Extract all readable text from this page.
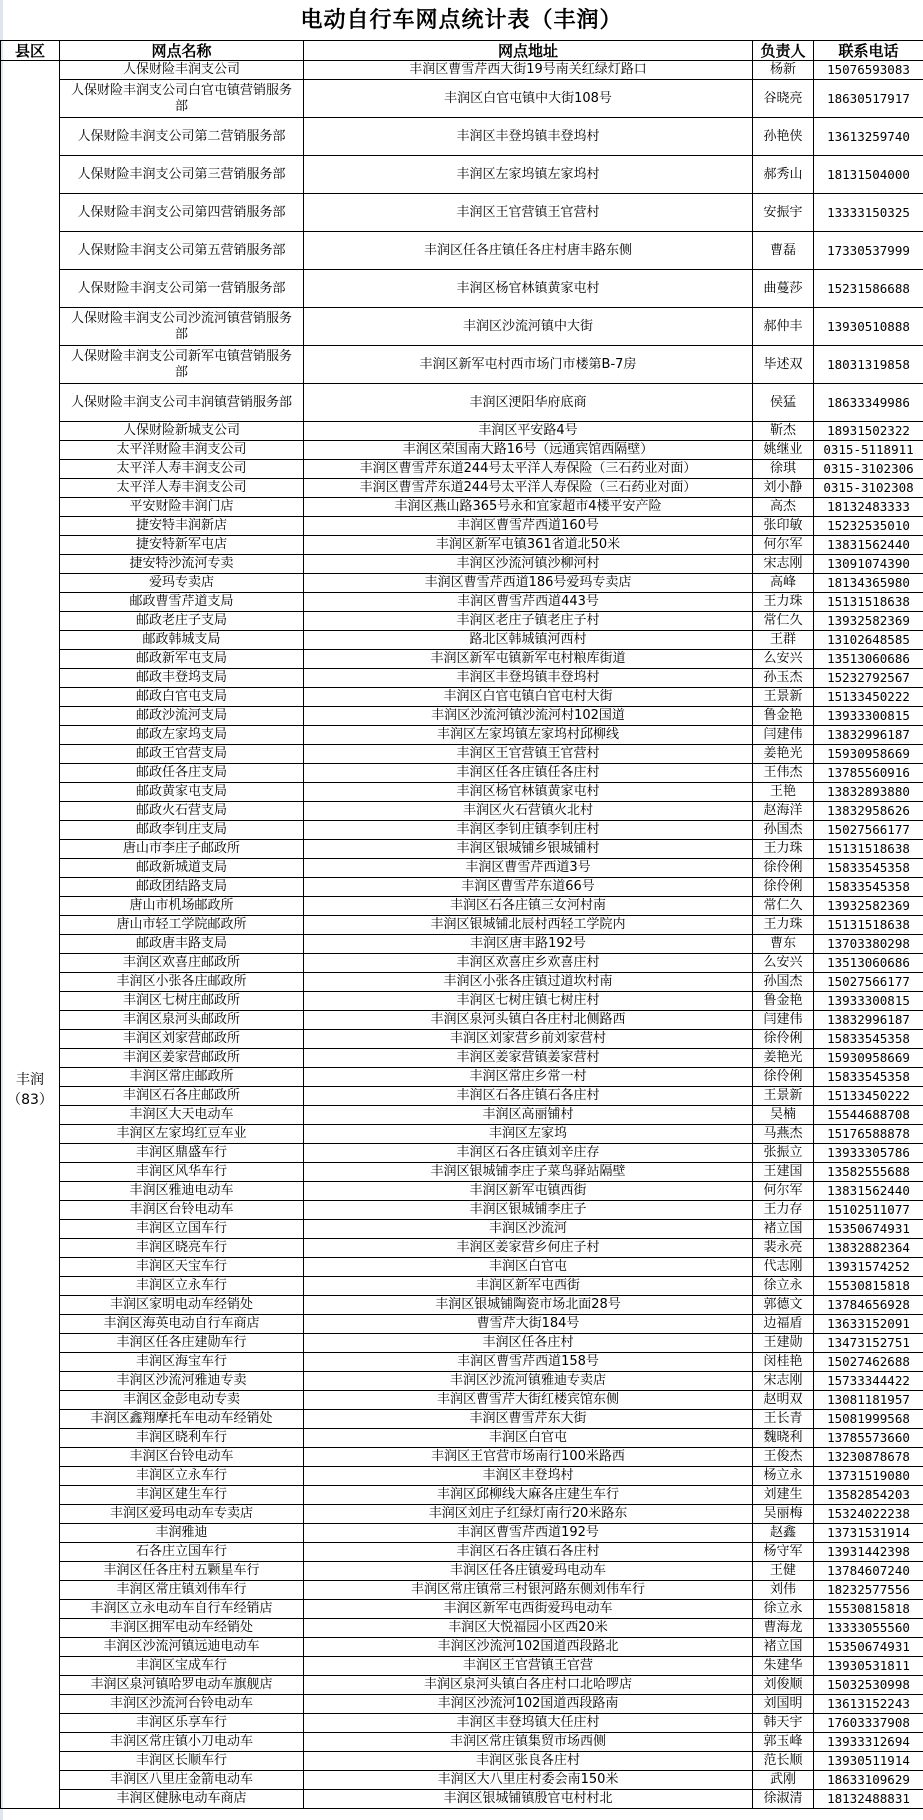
电动自行车网点统计表（丰润）
县区	网点名称	网点地址	负责人	联系电话

丰润
（83）	人保财险丰润支公司	丰润区曹雪芹西大街19号南关红绿灯路口	杨新	15076593083
	人保财险丰润支公司白官屯镇营销服务部	丰润区白官屯镇中大街108号	谷晓亮	18630517917
	人保财险丰润支公司第二营销服务部	丰润区丰登坞镇丰登坞村	孙艳侠	13613259740
	人保财险丰润支公司第三营销服务部	丰润区左家坞镇左家坞村	郝秀山	18131504000
	人保财险丰润支公司第四营销服务部	丰润区王官营镇王官营村	安振宇	13333150325
	人保财险丰润支公司第五营销服务部	丰润区任各庄镇任各庄村唐丰路东侧	曹磊	17330537999
	人保财险丰润支公司第一营销服务部	丰润区杨官林镇黄家屯村	曲蔓莎	15231586688
	人保财险丰润支公司沙流河镇营销服务部	丰润区沙流河镇中大街	郝仲丰	13930510888
	人保财险丰润支公司新军屯镇营销服务部	丰润区新军屯村西市场门市楼第B-7房	毕述双	18031319858
	人保财险丰润支公司丰润镇营销服务部	丰润区浭阳华府底商	侯猛	18633349986
	人保财险新城支公司	丰润区平安路4号	靳杰	18931502322
	太平洋财险丰润支公司	丰润区荣国南大路16号（远通宾馆西隔壁）	姚继业	0315-5118911
	太平洋人寿丰润支公司	丰润区曹雪芹东道244号太平洋人寿保险（三石药业对面）	徐琪	0315-3102306
	太平洋人寿丰润支公司	丰润区曹雪芹东道244号太平洋人寿保险（三石药业对面）	刘小静	0315-3102308
	平安财险丰润门店	丰润区燕山路365号永和宜家超市4楼平安产险	高杰	18132483333
	捷安特丰润新店	丰润区曹雪芹西道160号	张印敏	15232535010
	捷安特新军屯店	丰润区新军屯镇361省道北50米	何尔军	13831562440
	捷安特沙流河专卖	丰润区沙流河镇沙柳河村	宋志刚	13091074390
	爱玛专卖店	丰润区曹雪芹西道186号爱玛专卖店	高峰	18134365980
	邮政曹雪芹道支局	丰润区曹雪芹西道443号	王力珠	15131518638
	邮政老庄子支局	丰润区老庄子镇老庄子村	常仁久	13932582369
	邮政韩城支局	路北区韩城镇河西村	王群	13102648585
	邮政新军屯支局	丰润区新军屯镇新军屯村粮库街道	么安兴	13513060686
	邮政丰登坞支局	丰润区丰登坞镇丰登坞村	孙玉杰	15232792567
	邮政白官屯支局	丰润区白官屯镇白官屯村大街	王景新	15133450222
	邮政沙流河支局	丰润区沙流河镇沙流河村102国道	鲁金艳	13933300815
	邮政左家坞支局	丰润区左家坞镇左家坞村邱柳线	闫建伟	13832996187
	邮政王官营支局	丰润区王官营镇王官营村	姜艳光	15930958669
	邮政任各庄支局	丰润区任各庄镇任各庄村	王伟杰	13785560916
	邮政黄家屯支局	丰润区杨官林镇黄家屯村	王艳	13832893880
	邮政火石营支局	丰润区火石营镇火北村	赵海洋	13832958626
	邮政李钊庄支局	丰润区李钊庄镇李钊庄村	孙国杰	15027566177
	唐山市李庄子邮政所	丰润区银城铺乡银城铺村	王力珠	15131518638
	邮政新城道支局	丰润区曹雪芹西道3号	徐伶俐	15833545358
	邮政团结路支局	丰润区曹雪芹东道66号	徐伶俐	15833545358
	唐山市机场邮政所	丰润区石各庄镇三女河村南	常仁久	13932582369
	唐山市轻工学院邮政所	丰润区银城铺北辰村西轻工学院内	王力珠	15131518638
	邮政唐丰路支局	丰润区唐丰路192号	曹东	13703380298
	丰润区欢喜庄邮政所	丰润区欢喜庄乡欢喜庄村	么安兴	13513060686
	丰润区小张各庄邮政所	丰润区小张各庄镇过道坎村南	孙国杰	15027566177
	丰润区七树庄邮政所	丰润区七树庄镇七树庄村	鲁金艳	13933300815
	丰润区泉河头邮政所	丰润区泉河头镇白各庄村北侧路西	闫建伟	13832996187
	丰润区刘家营邮政所	丰润区刘家营乡前刘家营村	徐伶俐	15833545358
	丰润区姜家营邮政所	丰润区姜家营镇姜家营村	姜艳光	15930958669
	丰润区常庄邮政所	丰润区常庄乡常一村	徐伶俐	15833545358
	丰润区石各庄邮政所	丰润区石各庄镇石各庄村	王景新	15133450222
	丰润区大天电动车	丰润区高丽铺村	吴楠	15544688708
	丰润区左家坞红豆车业	丰润区左家坞	马燕杰	15176588878
	丰润区鼎盛车行	丰润区石各庄镇刘辛庄存	张振立	13933305786
	丰润区风华车行	丰润区银城铺李庄子菜鸟驿站隔壁	王建国	13582555688
	丰润区雅迪电动车	丰润区新军屯镇西街	何尔军	13831562440
	丰润区台铃电动车	丰润区银城铺李庄子	王力存	15102511077
	丰润区立国车行	丰润区沙流河	褚立国	15350674931
	丰润区晓亮车行	丰润区姜家营乡何庄子村	裴永亮	13832882364
	丰润区天宝车行	丰润区白官屯	代志刚	13931574252
	丰润区立永车行	丰润区新军屯西街	徐立永	15530815818
	丰润区家明电动车经销处	丰润区银城铺陶瓷市场北面28号	郭德文	13784656928
	丰润区海英电动自行车商店	曹雪芹大街184号	边福盾	13633152091
	丰润区任各庄建勋车行	丰润区任各庄村	王建勋	13473152751
	丰润区海宝车行	丰润区曹雪芹西道158号	闵桂艳	15027462688
	丰润区沙流河雅迪专卖	丰润区沙流河镇雅迪专卖店	宋志刚	15733344422
	丰润区金彭电动专卖	丰润区曹雪芹大街红楼宾馆东侧	赵明双	13081181957
	丰润区鑫翔摩托车电动车经销处	丰润区曹雪芹东大街	王长青	15081999568
	丰润区晓利车行	丰润区白官屯	魏晓利	13785573660
	丰润区台铃电动车	丰润区王官营市场南行100米路西	王俊杰	13230878678
	丰润区立永车行	丰润区丰登坞村	杨立永	13731519080
	丰润区建生车行	丰润区邱柳线大麻各庄建生车行	刘建生	13582854203
	丰润区爱玛电动车专卖店	丰润区刘庄子红绿灯南行20米路东	吴丽梅	15324022238
	丰润雅迪	丰润区曹雪芹西道192号	赵鑫	13731531914
	石各庄立国车行	丰润区石各庄镇石各庄村	杨守军	13931442398
	丰润区任各庄村五颗星车行	丰润区任各庄镇爱玛电动车	王健	13784607240
	丰润区常庄镇刘伟车行	丰润区常庄镇常三村银河路东侧刘伟车行	刘伟	18232577556
	丰润区立永电动车自行车经销店	丰润区新军屯西街爱玛电动车	徐立永	15530815818
	丰润区拥军电动车经销处	丰润区大悦福园小区西20米	曹海龙	13333055560
	丰润区沙流河镇远迪电动车	丰润区沙流河102国道西段路北	褚立国	15350674931
	丰润区宝成车行	丰润区王官营镇王官营	朱建华	13930531811
	丰润区泉河镇哈罗电动车旗舰店	丰润区泉河头镇白各庄村口北哈啰店	刘俊顺	15032530998
	丰润区沙流河台铃电动车	丰润区沙流河102国道西段路南	刘国明	13613152243
	丰润区乐享车行	丰润区丰登坞镇大任庄村	韩天宇	17603337908
	丰润区常庄镇小刀电动车	丰润区常庄镇集贸市场西侧	郭玉峰	13933312694
	丰润区长顺车行	丰润区张良各庄村	范长顺	13930511914
	丰润区八里庄金箭电动车	丰润区大八里庄村委会南150米	武刚	18633109629
	丰润区健脉电动车商店	丰润区银城铺镇殷官屯村村北	徐淑清	18132488831
